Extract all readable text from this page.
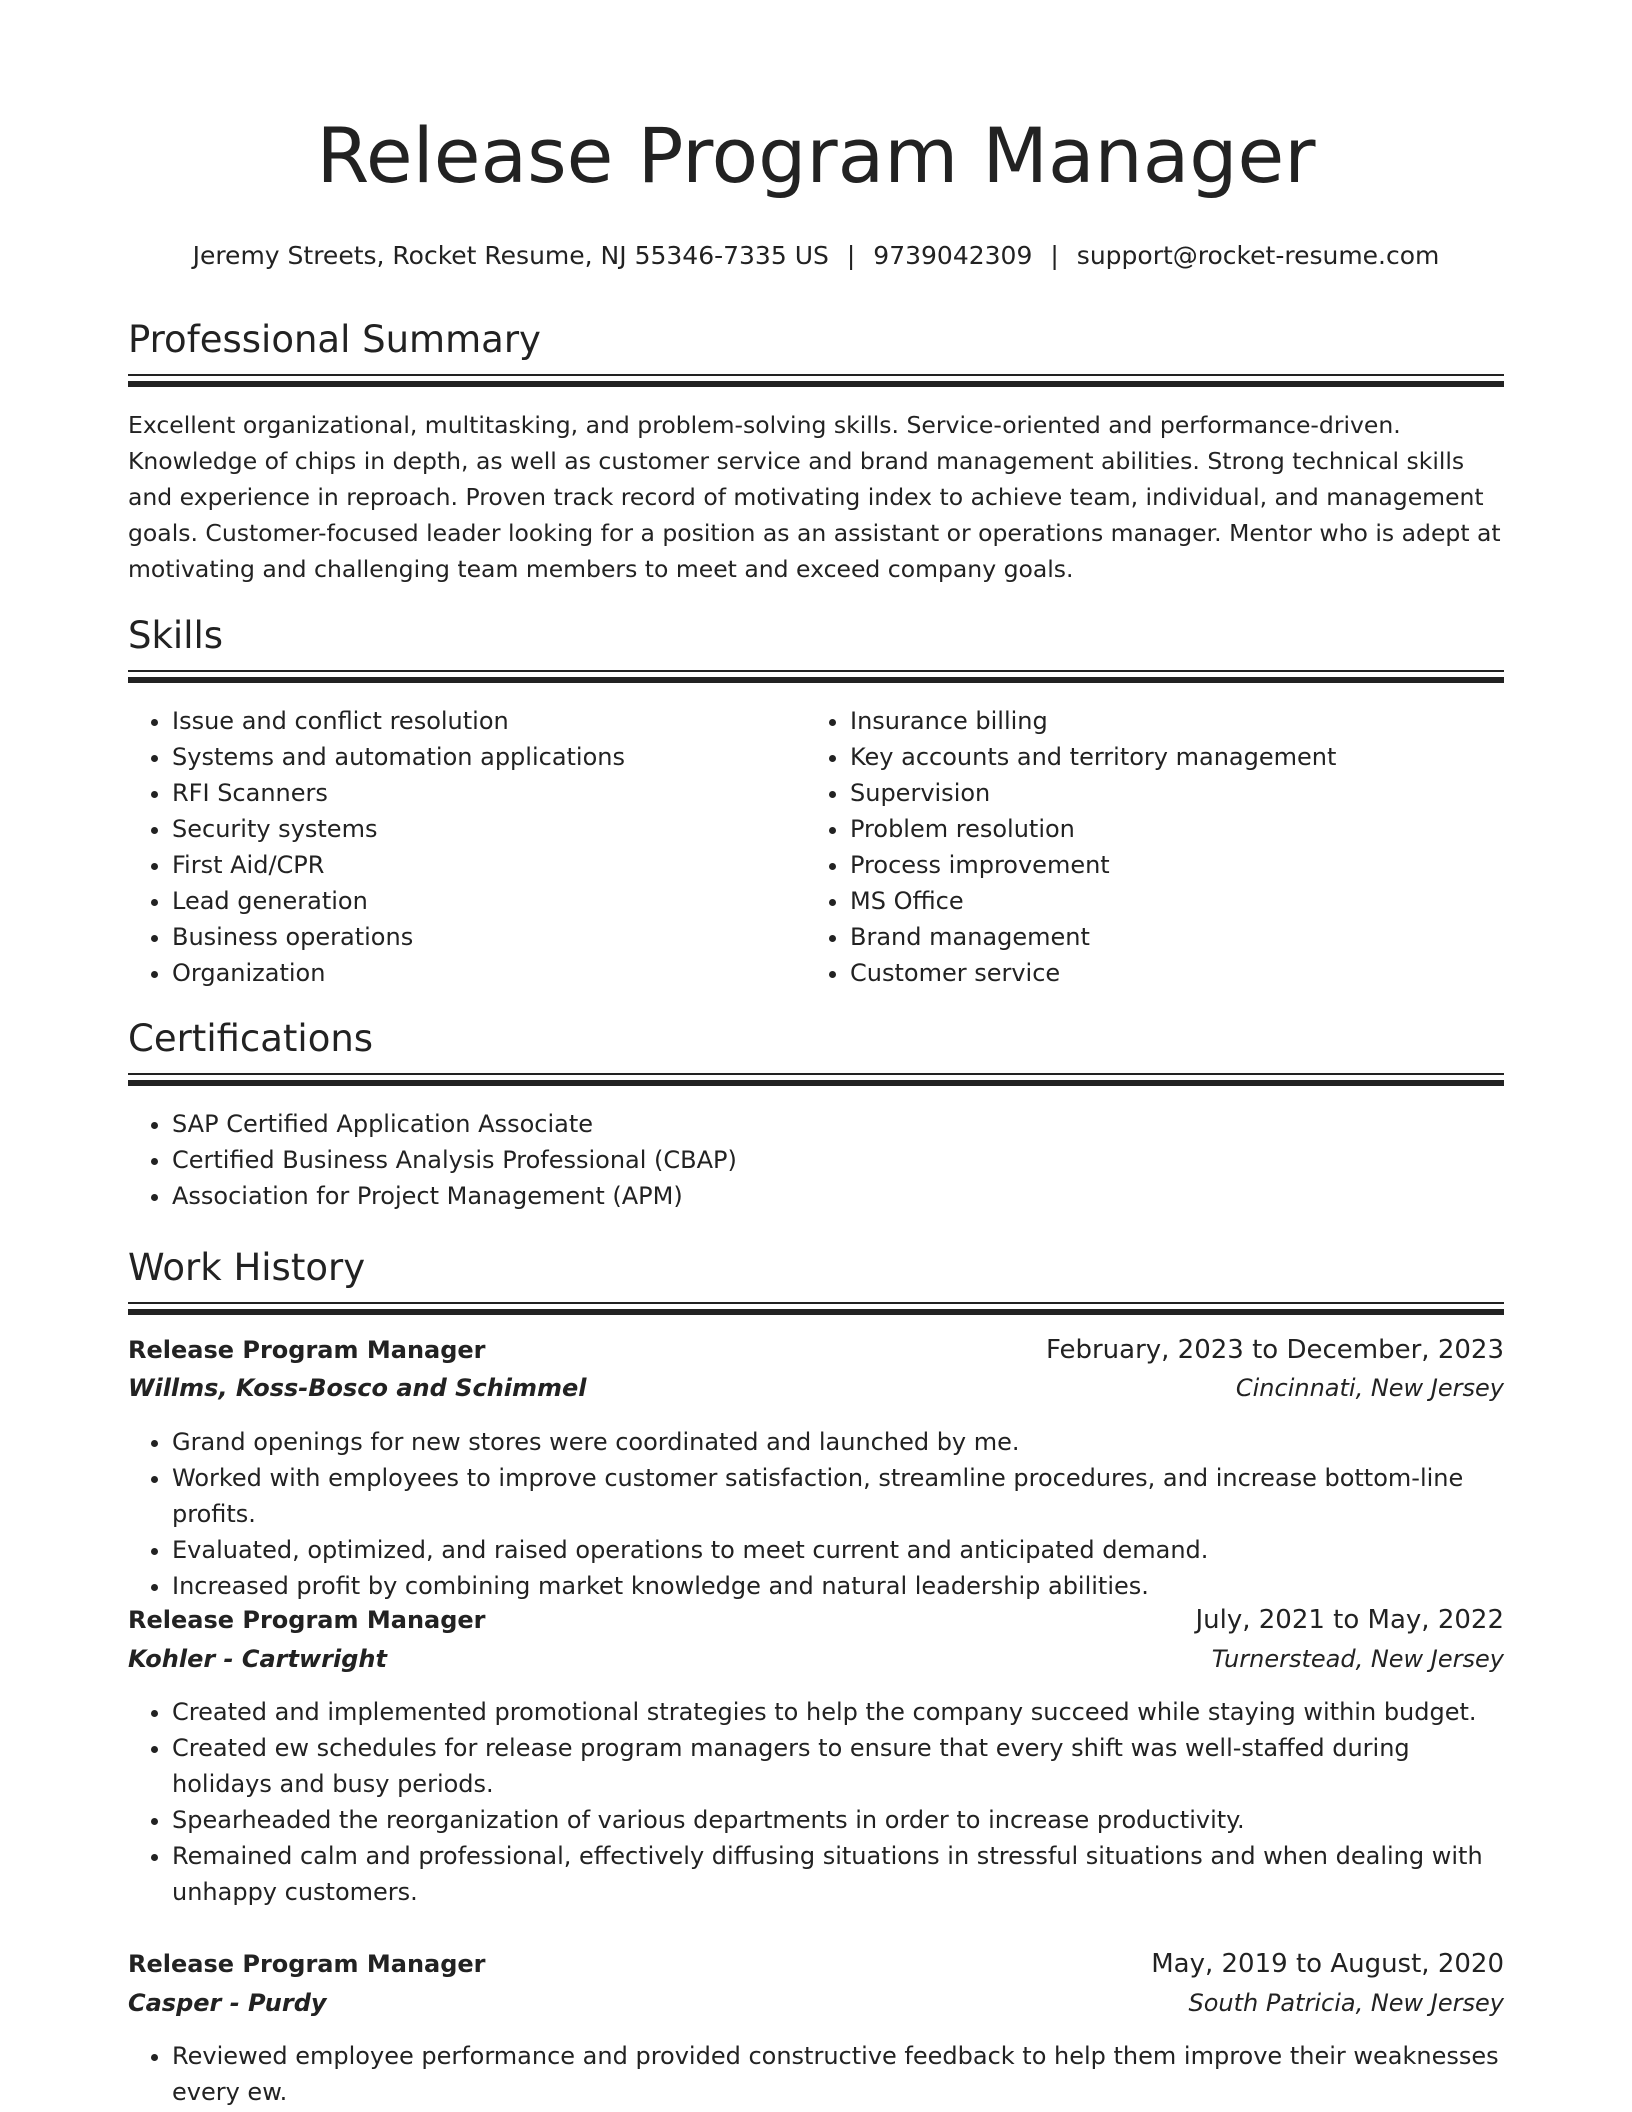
Release Program Manager
Jeremy Streets, Rocket Resume, NJ 55346-7335 US | 9739042309 | support@rocket-resume.com
Professional Summary

Excellent organizational, multitasking, and problem-solving skills. Service-oriented and performance-driven. Knowledge of chips in depth, as well as customer service and brand management abilities. Strong technical skills and experience in reproach. Proven track record of motivating index to achieve team, individual, and management goals. Customer-focused leader looking for a position as an assistant or operations manager. Mentor who is adept at motivating and challenging team members to meet and exceed company goals.

Skills
• Issue and conflict resolution
• Systems and automation applications
• RFI Scanners
• Security systems
• First Aid/CPR
• Lead generation
• Business operations
• Organization
• Insurance billing
• Key accounts and territory management
• Supervision
• Problem resolution
• Process improvement
• MS Office
• Brand management
• Customer service
Certifications
• SAP Certified Application Associate
• Certified Business Analysis Professional (CBAP)
• Association for Project Management (APM)
Work History
Release Program Manager	February, 2023 to December, 2023
Willms, Koss-Bosco and Schimmel	Cincinnati, New Jersey
• Grand openings for new stores were coordinated and launched by me.
• Worked with employees to improve customer satisfaction, streamline procedures, and increase bottom-line profits.
• Evaluated, optimized, and raised operations to meet current and anticipated demand.
• Increased profit by combining market knowledge and natural leadership abilities.
Release Program Manager	July, 2021 to May, 2022
Kohler - Cartwright	Turnerstead, New Jersey
• Created and implemented promotional strategies to help the company succeed while staying within budget.
• Created ew schedules for release program managers to ensure that every shift was well-staffed during holidays and busy periods.
• Spearheaded the reorganization of various departments in order to increase productivity.
• Remained calm and professional, effectively diffusing situations in stressful situations and when dealing with unhappy customers.
Release Program Manager	May, 2019 to August, 2020
Casper - Purdy	South Patricia, New Jersey
• Reviewed employee performance and provided constructive feedback to help them improve their weaknesses every ew.
